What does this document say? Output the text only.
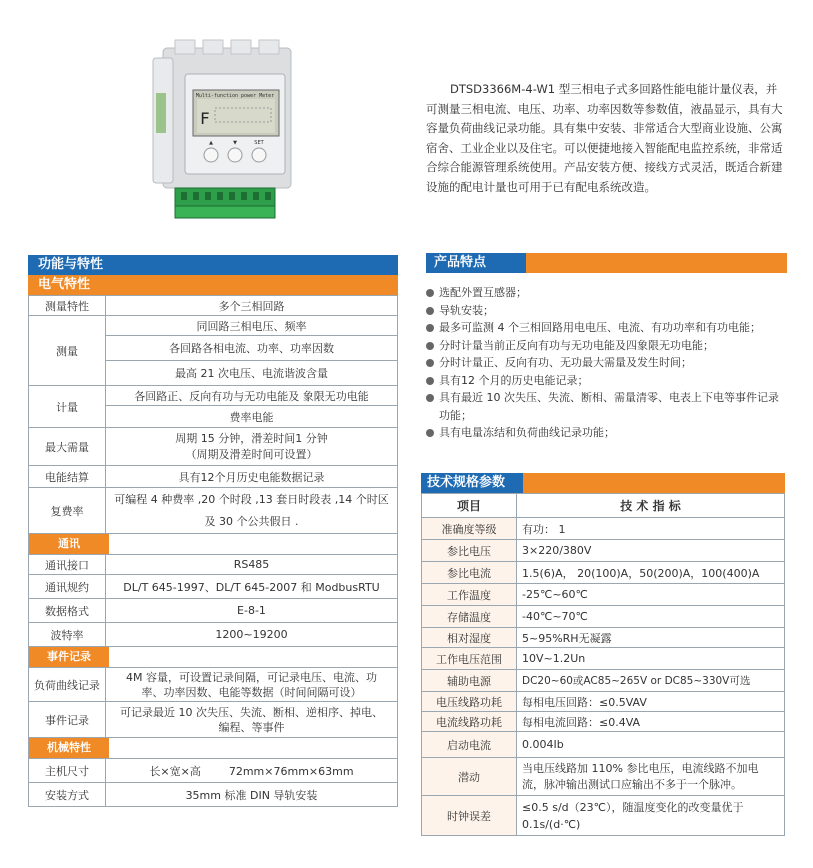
Multi-function power Meter
F
▲	▼	SET
DTSD3366M-4-W1 型三相电子式多回路性能电能计量仪表，并可测量三相电流、电压、功率、功率因数等参数值，液晶显示，具有大容量负荷曲线记录功能。具有集中安装、非常适合大型商业设施、公寓宿舍、工业企业以及住宅。可以便捷地接入智能配电监控系统，非常适合综合能源管理系统使用。产品安装方便、接线方式灵活，既适合新建设施的配电计量也可用于已有配电系统改造。
功能与特性
电气特性
测量特性	多个三相回路
测量	同回路三相电压、频率
	各回路各相电流、功率、功率因数
	最高 21 次电压、电流谐波含量
计量	各回路正、反向有功与无功电能及 象限无功电能
	费率电能
最大需量	周期 15 分钟，滑差时间1 分钟
（周期及滑差时间可设置）
电能结算	具有12个月历史电能数据记录
复费率	可编程 4 种费率 ,20 个时段 ,13 套日时段表 ,14 个时区
及 30 个公共假日 .

通讯	

通讯接口	RS485
通讯规约	DL/T 645-1997、DL/T 645-2007 和 ModbusRTU
数据格式	E-8-1
波特率	1200~19200

事件记录	

负荷曲线记录	4M 容量，可设置记录间隔，可记录电压、电流、功
率、功率因数、电能等数据（时间间隔可设）
事件记录	可记录最近 10 次失压、失流、断相、逆相序、掉电、
编程、等事件

机械特性	

主机尺寸	长×宽×高        72mm×76mm×63mm
安装方式	35mm 标准 DIN 导轨安装
产品特点
选配外置互感器；
导轨安装；
最多可监测 4 个三相回路用电电压、电流、有功功率和有功电能；
分时计量当前正反向有功与无功电能及四象限无功电能；
分时计量正、反向有功、无功最大需量及发生时间；
具有12 个月的历史电能记录；
具有最近 10 次失压、失流、断相、需量清零、电表上下电等事件记录功能；
具有电量冻结和负荷曲线记录功能；
技术规格参数
项目	技 术 指 标
准确度等级	有功： 1
参比电压	3×220/380V
参比电流	1.5(6)A， 20(100)A，50(200)A，100(400)A
工作温度	-25℃~60℃
存储温度	-40℃~70℃
相对湿度	5~95%RH无凝露
工作电压范围	10V~1.2Un
辅助电源	DC20~60或AC85~265V or DC85~330V可选
电压线路功耗	每相电压回路：≤0.5VAV
电流线路功耗	每相电流回路：≤0.4VA
启动电流	0.004Ib
潜动	当电压线路加 110% 参比电压，电流线路不加电流，脉冲输出测试口应输出不多于一个脉冲。
时钟误差	≤0.5 s/d（23℃），随温度变化的改变量优于 0.1s/(d·℃)
